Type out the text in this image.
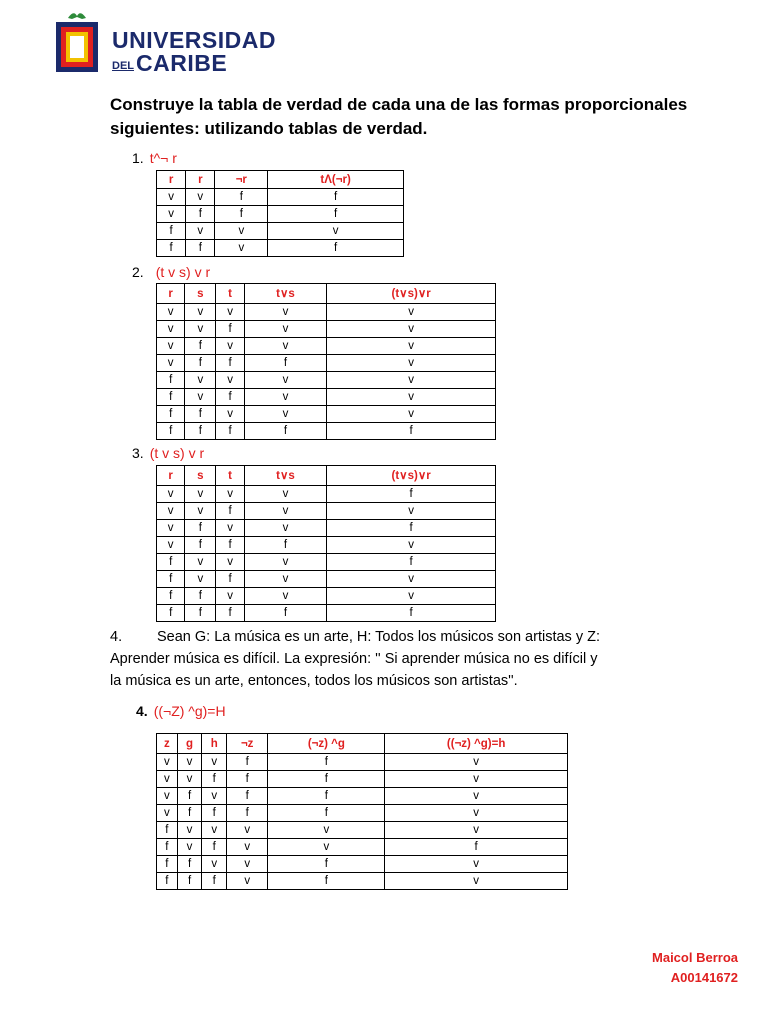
UNIVERSIDAD
DELCARIBE
Construye la tabla de verdad de cada una de las formas proporcionales siguientes: utilizando tablas de verdad.
1. t^¬ r
r	r	¬r	tΛ(¬r)
v	v	f	f
v	f	f	f
f	v	v	v
f	f	v	f
2. (t v s) v r
r	s	t	t∨s	(t∨s)∨r
v	v	v	v	v
v	v	f	v	v
v	f	v	v	v
v	f	f	f	v
f	v	v	v	v
f	v	f	v	v
f	f	v	v	v
f	f	f	f	f
3. (t v s) v r
r	s	t	t∨s	(t∨s)∨r
v	v	v	v	f
v	v	f	v	v
v	f	v	v	f
v	f	f	f	v
f	v	v	v	f
f	v	f	v	v
f	f	v	v	v
f	f	f	f	f
4. Sean G: La música es un arte, H: Todos los músicos son artistas y Z:
Aprender música es difícil. La expresión: '' Si aprender música no es difícil y
la música es un arte, entonces, todos los músicos son artistas''.
4. ((¬Z) ^g)=H
z	g	h	¬z	(¬z) ^g	((¬z) ^g)=h
v	v	v	f	f	v
v	v	f	f	f	v
v	f	v	f	f	v
v	f	f	f	f	v
f	v	v	v	v	v
f	v	f	v	v	f
f	f	v	v	f	v
f	f	f	v	f	v
Maicol Berroa
A00141672
